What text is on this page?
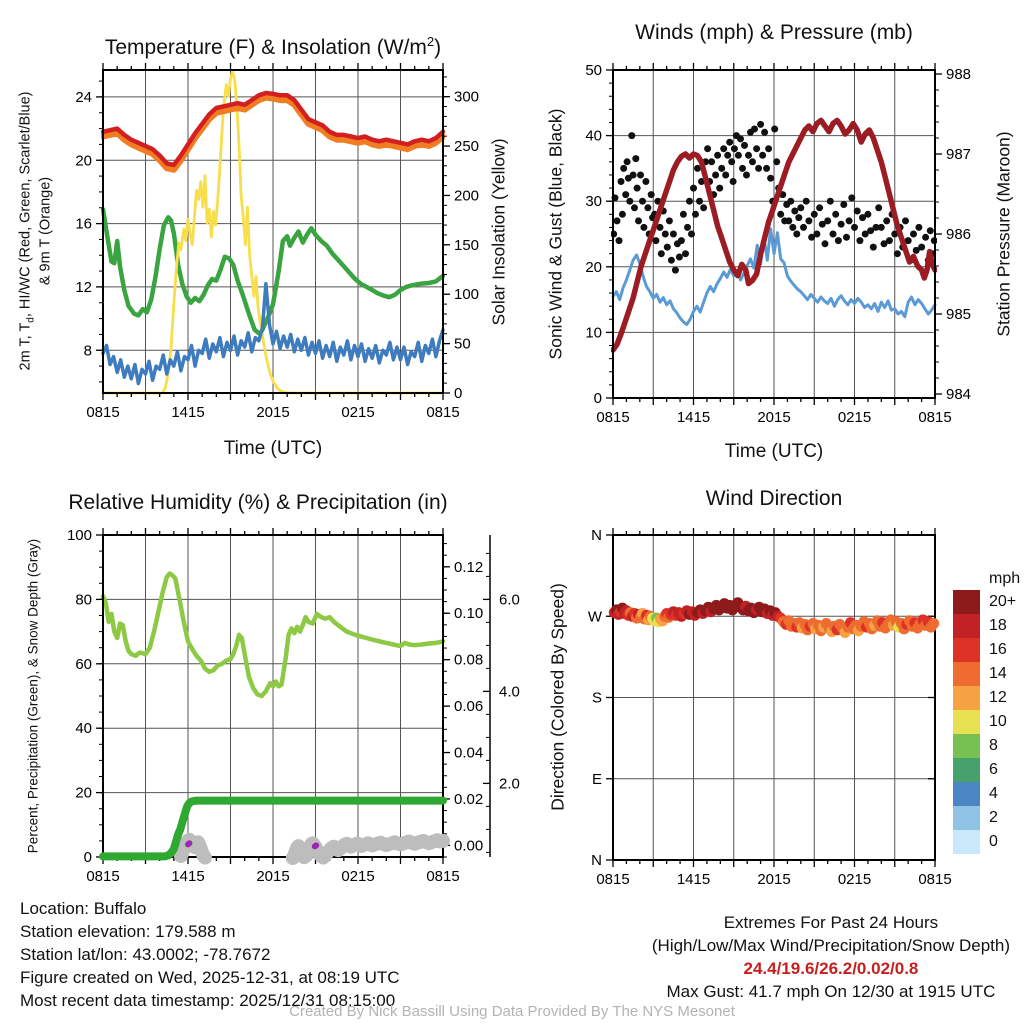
0815	1415	2015	0215	0815
8
12
16
20
24
0
50
100
150
200
250
300
0815	1415	2015	0215	0815
0
10
20
30
40
50
984
985
986
987
988
0815	1415	2015	0215	0815
0
20
40
60
80
100
0.00
0.02
0.04
0.06
0.08
0.10
0.12
2.0
4.0
6.0
0815	1415	2015	0215	0815
N
E
S
W
N
Temperature (F) & Insolation $(W/m^2)$
Winds (mph) & Pressure (mb)
Relative Humidity (%) & Precipitation (in)	Wind Direction
Time (UTC)	Time (UTC)
2m T, $T_d$, HI/WC (Red, Green, Scarlet/Blue) & 9m T (Orange)	Solar Insolation (Yellow) Sonic Wind & Gust (Blue, Black)	Station Pressure (Maroon)
Percent, Precipitation (Green), & Snow Depth (Gray)	Direction (Colored By Speed)
mph
20+
18
16
14
12
10
8
6
4
2
0
Location: Buffalo
Station elevation: 179.588 m
Station lat/lon: 43.0002; -78.7672
Figure created on Wed, 2025-12-31, at 08:19 UTC
Most recent data timestamp: 2025/12/31 08:15:00
Extremes For Past 24 Hours
(High/Low/Max Wind/Precipitation/Snow Depth)
24.4/19.6/26.2/0.02/0.8
Max Gust: 41.7 mph On 12/30 at 1915 UTC
Created By Nick Bassill Using Data Provided By The NYS Mesonet
